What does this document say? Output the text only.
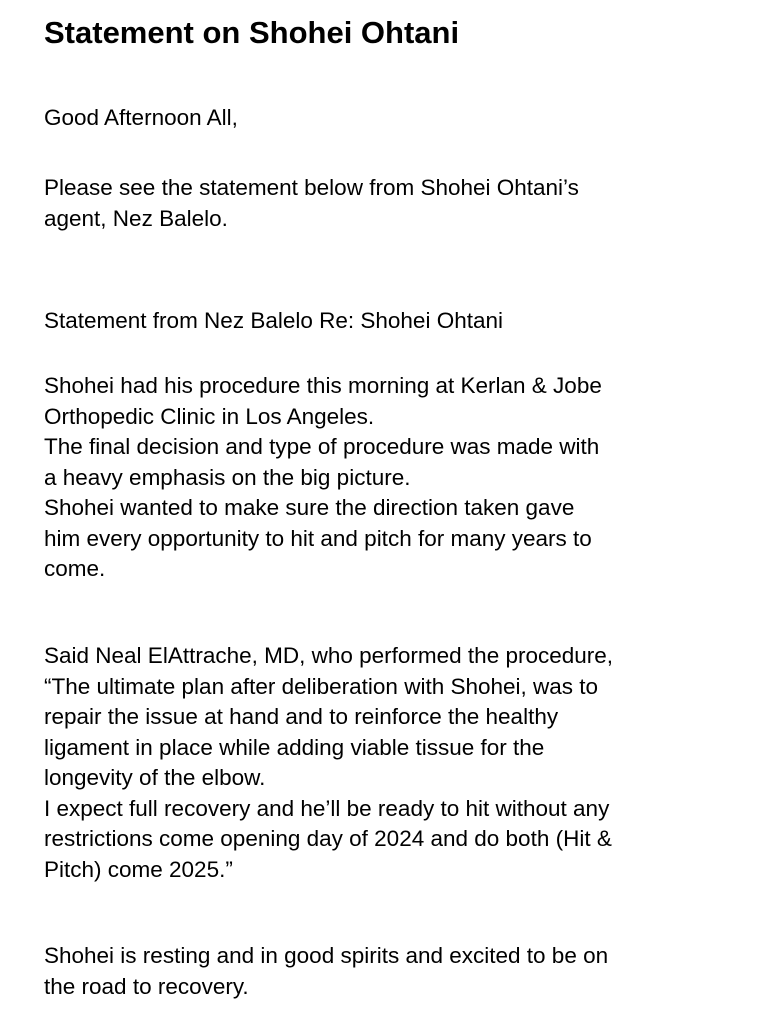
Statement on Shohei Ohtani

Good Afternoon All,

Please see the statement below from Shohei Ohtani’s
agent, Nez Balelo.

Statement from Nez Balelo Re: Shohei Ohtani

Shohei had his procedure this morning at Kerlan & Jobe
Orthopedic Clinic in Los Angeles.
The final decision and type of procedure was made with
a heavy emphasis on the big picture.
Shohei wanted to make sure the direction taken gave
him every opportunity to hit and pitch for many years to
come.

Said Neal ElAttrache, MD, who performed the procedure,
“The ultimate plan after deliberation with Shohei, was to
repair the issue at hand and to reinforce the healthy
ligament in place while adding viable tissue for the
longevity of the elbow.
I expect full recovery and he’ll be ready to hit without any
restrictions come opening day of 2024 and do both (Hit &
Pitch) come 2025.”

Shohei is resting and in good spirits and excited to be on
the road to recovery.
